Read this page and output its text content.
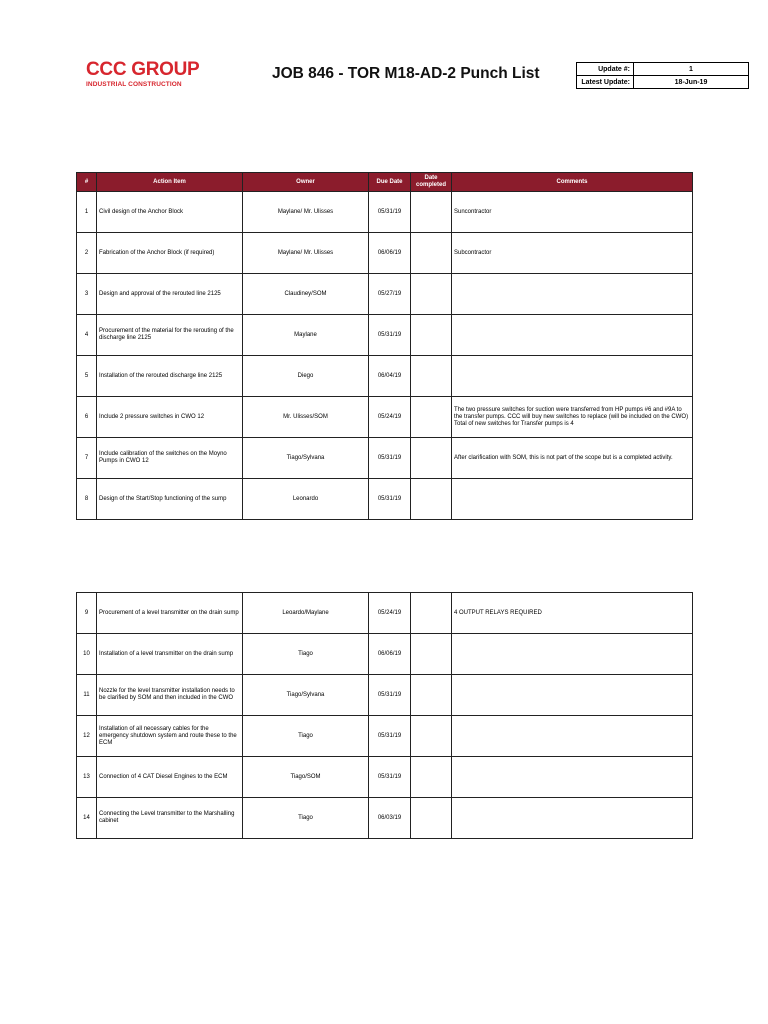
CCC GROUP
INDUSTRIAL CONSTRUCTION
JOB 846 - TOR M18-AD-2 Punch List	Update #:	1
Latest Update:	18-Jun-19
#	Action Item	Owner	Due Date	Date completed	Comments
1	Civil design of the Anchor Block	Maylane/ Mr. Ulisses	05/31/19		Suncontractor
2	Fabrication of the Anchor Block (if required)	Maylane/ Mr. Ulisses	06/06/19		Subcontractor
3	Design and approval of the rerouted line 2125	Claudiney/SOM	05/27/19		
4	Procurement of the material for the rerouting of the discharge line 2125	Maylane	05/31/19		
5	Installation of the rerouted discharge line 2125	Diego	06/04/19		
6	Include 2 pressure switches in CWO 12	Mr. Ulisses/SOM	05/24/19		The two pressure switches for suction were transferred from HP pumps #6 and #9A to the transfer pumps. CCC will buy new switches to replace (will be included on the CWO) Total of new switches for Transfer pumps is 4
7	Include calibration of the switches on the Moyno Pumps in CWO 12	Tiago/Sylvana	05/31/19		After clarification with SOM, this is not part of the scope but is a completed activity.
8	Design of the Start/Stop functioning of the sump	Leonardo	05/31/19		
9	Procurement of a level transmitter on the drain sump	Leoardo/Maylane	05/24/19		4 OUTPUT RELAYS REQUIRED
10	Installation of a level transmitter on the drain sump	Tiago	06/06/19		
11	Nozzle for the level transmitter installation needs to be clarified by SOM and then included in the CWO	Tiago/Sylvana	05/31/19		
12	Installation of all necessary cables for the emergency shutdown system and route these to the ECM	Tiago	05/31/19		
13	Connection of 4 CAT Diesel Engines to the ECM	Tiago/SOM	05/31/19		
14	Connecting the Level transmitter to the Marshalling cabinet	Tiago	06/03/19		
